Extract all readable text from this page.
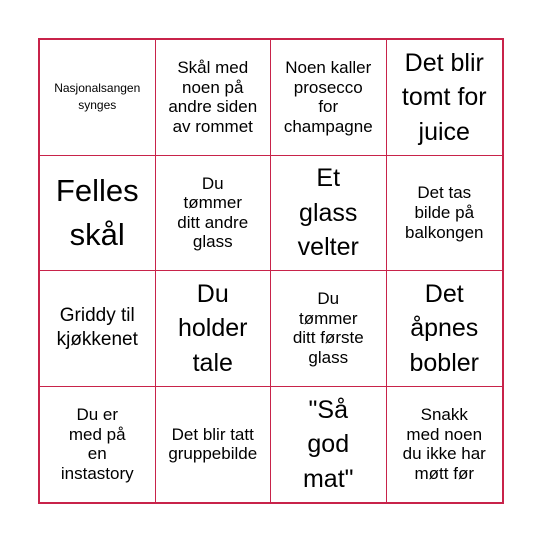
Nasjonalsangen
synges
Skål med
noen på
andre siden
av rommet
Noen kaller
prosecco
for
champagne
Det blir
tomt for
juice
Felles
skål
Du
tømmer
ditt andre
glass
Et
glass
velter
Det tas
bilde på
balkongen
Griddy til
kjøkkenet
Du
holder
tale
Du
tømmer
ditt første
glass
Det
åpnes
bobler
Du er
med på
en
instastory
Det blir tatt
gruppebilde
"Så
god
mat"
Snakk
med noen
du ikke har
møtt før
